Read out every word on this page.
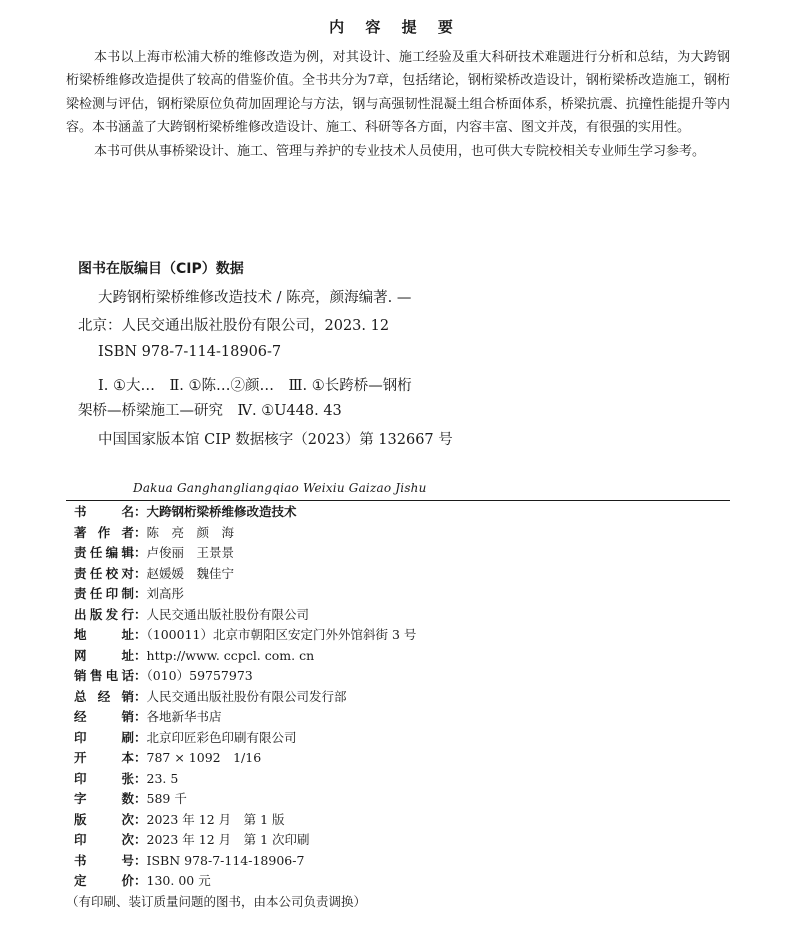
内 容 提 要

本书以上海市松浦大桥的维修改造为例，对其设计、施工经验及重大科研技术难题进行分析和总结，为大跨钢桁梁桥维修改造提供了较高的借鉴价值。全书共分为7章，包括绪论，钢桁梁桥改造设计，钢桁梁桥改造施工，钢桁梁检测与评估，钢桁梁原位负荷加固理论与方法，钢与高强韧性混凝土组合桥面体系，桥梁抗震、抗撞性能提升等内容。本书涵盖了大跨钢桁梁桥维修改造设计、施工、科研等各方面，内容丰富、图文并茂，有很强的实用性。

本书可供从事桥梁设计、施工、管理与养护的专业技术人员使用，也可供大专院校相关专业师生学习参考。

图书在版编目（CIP）数据
大跨钢桁梁桥维修改造技术 / 陈亮，颜海编著. —
北京：人民交通出版社股份有限公司，2023. 12
ISBN 978-7-114-18906-7
Ⅰ. ①大…　Ⅱ. ①陈…②颜…　Ⅲ. ①长跨桥—钢桁
架桥—桥梁施工—研究　Ⅳ. ①U448. 43
中国国家版本馆 CIP 数据核字（2023）第 132667 号
Dakua Ganghangliangqiao Weixiu Gaizao Jishu
书名：大跨钢桁梁桥维修改造技术
著作者：陈　亮　颜　海
责任编辑：卢俊丽　王景景
责任校对：赵媛媛　魏佳宁
责任印制：刘高彤
出版发行：人民交通出版社股份有限公司
地址：（100011）北京市朝阳区安定门外外馆斜街 3 号
网址：http://www. ccpcl. com. cn
销售电话：（010）59757973
总经销：人民交通出版社股份有限公司发行部
经销：各地新华书店
印刷：北京印匠彩色印刷有限公司
开本：787 × 1092　1/16
印张：23. 5
字数：589 千
版次：2023 年 12 月　第 1 版
印次：2023 年 12 月　第 1 次印刷
书号：ISBN 978-7-114-18906-7
定价：130. 00 元
（有印刷、装订质量问题的图书，由本公司负责调换）
